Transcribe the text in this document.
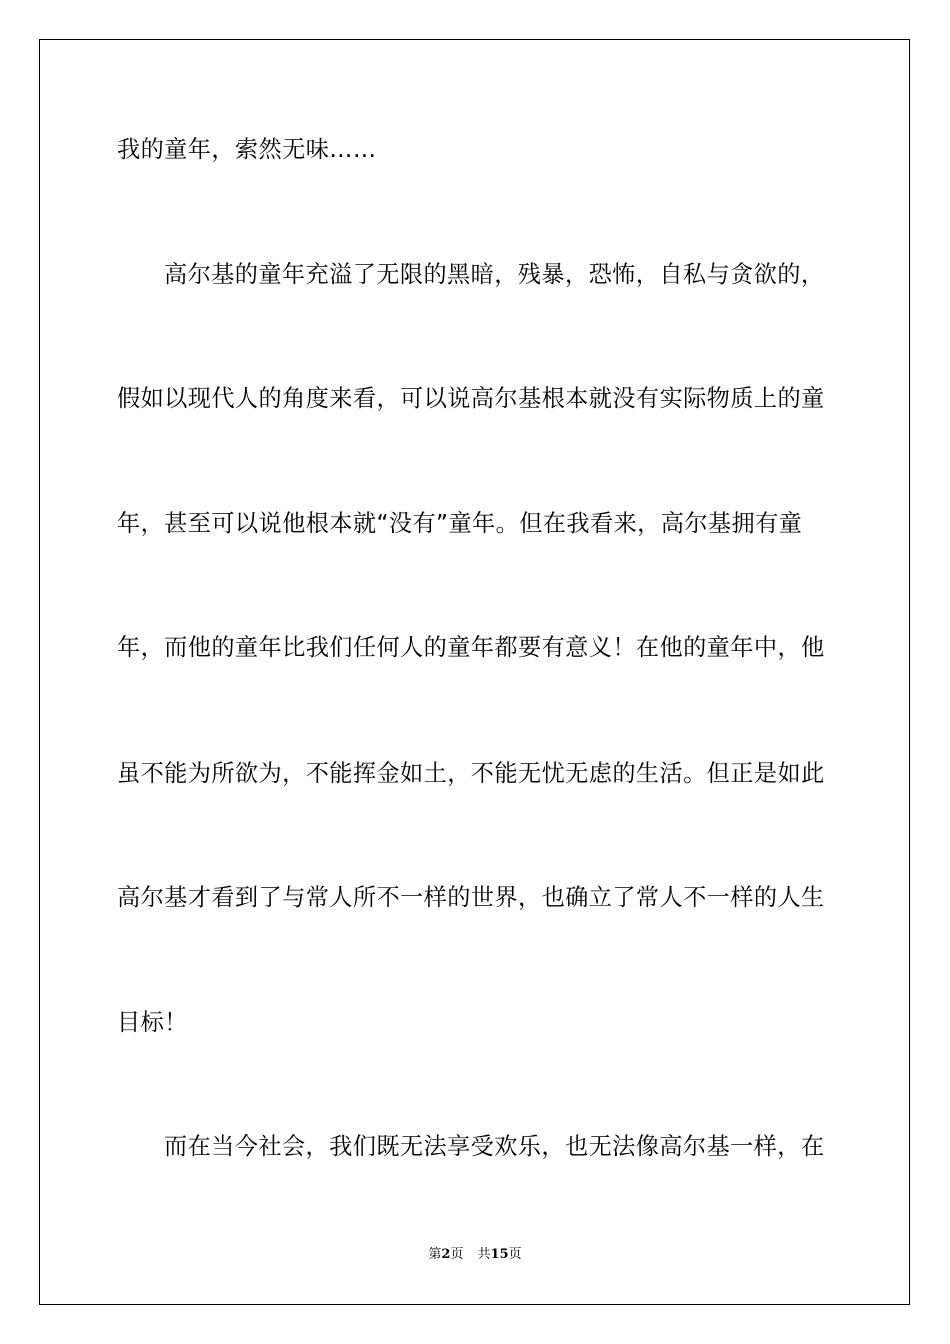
我的童年，索然无味……
高尔基的童年充溢了无限的黑暗，残暴，恐怖，自私与贪欲的，
假如以现代人的角度来看，可以说高尔基根本就没有实际物质上的童
年，甚至可以说他根本就“没有”童年。但在我看来，高尔基拥有童
年，而他的童年比我们任何人的童年都要有意义！在他的童年中，他
虽不能为所欲为，不能挥金如土，不能无忧无虑的生活。但正是如此
高尔基才看到了与常人所不一样的世界，也确立了常人不一样的人生
目标！
而在当今社会，我们既无法享受欢乐，也无法像高尔基一样，在
第2页 共15页
